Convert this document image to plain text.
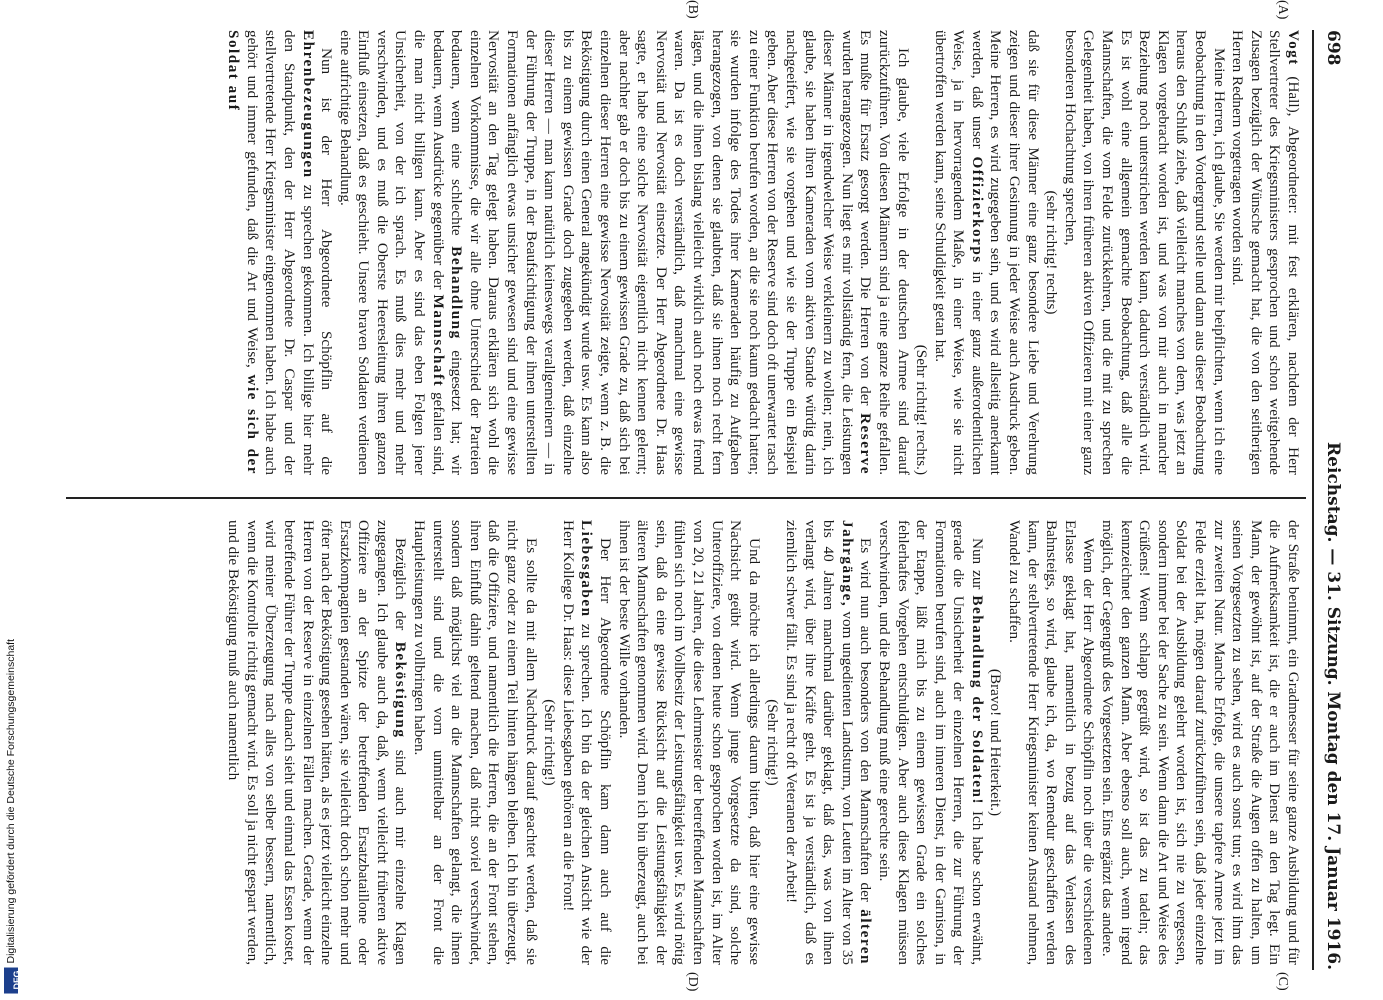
698
Reichstag. — 31. Sitzung. Montag den 17. Januar 1916.
(A)
(B)
(C)
(D)

Vogt (Hall), Abgeordneter: mit fest erklären, nachdem der Herr Stellvertreter des Kriegsministers gesprochen und schon weitgehende Zusagen bezüglich der Wünsche gemacht hat, die von den seitherigen Herren Rednern vorgetragen worden sind.

Meine Herren, ich glaube, Sie werden mir beipflichten, wenn ich eine Beobachtung in den Vordergrund stelle und dann aus dieser Beobachtung heraus den Schluß ziehe, daß vielleicht manches von dem, was jetzt an Klagen vorgebracht worden ist, und was von mir auch in mancher Beziehung noch unterstrichen werden kann, dadurch verständlich wird. Es ist wohl eine allgemein gemachte Beobachtung, daß alle die Mannschaften, die vom Felde zurückkehren, und die mit zu sprechen Gelegenheit haben, von ihren früheren aktiven Offizieren mit einer ganz besonderen Hochachtung sprechen,

(sehr richtig! rechts)

daß sie für diese Männer eine ganz besondere Liebe und Verehrung zeigen und dieser ihrer Gesinnung in jeder Weise auch Ausdruck geben. Meine Herren, es wird zugegeben sein, und es wird allseitig anerkannt werden, daß unser Offizierkorps in einer ganz außerordentlichen Weise, ja in hervorragendem Maße, in einer Weise, wie sie nicht übertroffen werden kann, seine Schuldigkeit getan hat.

(Sehr richtig! rechts.)

Ich glaube, viele Erfolge in der deutschen Armee sind darauf zurückzuführen. Von diesen Männern sind ja eine ganze Reihe gefallen. Es mußte für Ersatz gesorgt werden. Die Herren von der Reserve wurden herangezogen. Nun liegt es mir vollständig fern, die Leistungen dieser Männer in irgendwelcher Weise verkleinern zu wollen; nein, ich glaube, sie haben ihren Kameraden vom aktiven Stande würdig darin nachgeeifert, wie sie vorgehen und wie sie der Truppe ein Beispiel geben. Aber diese Herren von der Reserve sind doch oft unerwartet rasch zu einer Funktion berufen worden, an die sie noch kaum gedacht hatten; sie wurden infolge des Todes ihrer Kameraden häufig zu Aufgaben herangezogen, von denen sie glaubten, daß sie ihnen noch recht fern lägen, und die ihnen bislang vielleicht wirklich auch noch etwas fremd waren. Da ist es doch verständlich, daß manchmal eine gewisse Nervosität und Nervosität einsetzte. Der Herr Abgeordnete Dr. Haas sagte, er habe eine solche Nervosität eigentlich nicht kennen gelernt; aber nachher gab er doch bis zu einem gewissen Grade zu, daß sich bei einzelnen dieser Herren eine gewisse Nervosität zeigte, wenn z. B. die Beköstigung durch einen General angekündigt wurde usw. Es kann also bis zu einem gewissen Grade doch zugegeben werden, daß einzelne dieser Herren — man kann natürlich keineswegs verallgemeinern — in der Führung der Truppe, in der Beaufsichtigung der ihnen unterstellten Formationen anfänglich etwas unsicher gewesen sind und eine gewisse Nervosität an den Tag gelegt haben. Daraus erklären sich wohl die einzelnen Vorkommnisse, die wir alle ohne Unterschied der Parteien bedauern, wenn eine schlechte Behandlung eingesetzt hat; wir bedauern, wenn Ausdrücke gegenüber der Mannschaft gefallen sind, die man nicht billigen kann. Aber es sind das eben Folgen jener Unsicherheit, von der ich sprach. Es muß dies mehr und mehr verschwinden, und es muß die Oberste Heeresleitung ihren ganzen Einfluß einsetzen, daß es geschieht. Unsere braven Soldaten verdienen eine aufrichtige Behandlung.

Nun ist der Herr Abgeordnete Schöpflin auf die Ehrenbezeugungen zu sprechen gekommen. Ich billige hier mehr den Standpunkt, den der Herr Abgeordnete Dr. Caspar und der stellvertretende Herr Kriegsminister eingenommen haben. Ich habe auch gehört und immer gefunden, daß die Art und Weise, wie sich der Soldat auf

der Straße benimmt, ein Gradmesser für seine ganze Ausbildung und für die Aufmerksamkeit ist, die er auch im Dienst an den Tag legt. Ein Mann, der gewöhnt ist, auf der Straße die Augen offen zu halten, um seinen Vorgesetzten zu sehen, wird es auch sonst tun; es wird ihm das zur zweiten Natur. Manche Erfolge, die unsere tapfere Armee jetzt im Felde erzielt hat, mögen darauf zurückzuführen sein, daß jeder einzelne Soldat bei der Ausbildung gelehrt worden ist, sich nie zu vergessen, sondern immer bei der Sache zu sein. Wenn dann die Art und Weise des Grüßens! Wenn schlapp gegrüßt wird, so ist das zu tadeln; das kennzeichnet den ganzen Mann. Aber ebenso soll auch, wenn irgend möglich, der Gegengruß des Vorgesetzten sein. Eins ergänzt das andere.

Wenn der Herr Abgeordnete Schöpflin noch über die verschiedenen Erlasse geklagt hat, namentlich in bezug auf das Verlassen des Bahnsteigs, so wird, glaube ich, da, wo Remedur geschaffen werden kann, der stellvertretende Herr Kriegsminister keinen Anstand nehmen, Wandel zu schaffen.

(Bravo! und Heiterkeit.)

Nun zur Behandlung der Soldaten! Ich habe schon erwähnt, gerade die Unsicherheit der einzelnen Herren, die zur Führung der Formationen berufen sind, auch im inneren Dienst, in der Garnison, in der Etappe, läßt mich bis zu einem gewissen Grade ein solches fehlerhaftes Vorgehen entschuldigen. Aber auch diese Klagen müssen verschwinden, und die Behandlung muß eine gerechte sein.

Es wird nun auch besonders von den Mannschaften der älteren Jahrgänge, vom ungedienten Landsturm, von Leuten im Alter von 35 bis 40 Jahren manchmal darüber geklagt, daß das, was von ihnen verlangt wird, über ihre Kräfte geht. Es ist ja verständlich, daß es ziemlich schwer fällt. Es sind ja recht oft Veteranen der Arbeit!

(Sehr richtig!)

Und da möchte ich allerdings darum bitten, daß hier eine gewisse Nachsicht geübt wird. Wenn junge Vorgesetzte da sind, solche Unteroffiziere, von denen heute schon gesprochen worden ist, im Alter von 20, 21 Jahren, die diese Lehrmeister der betreffenden Mannschaften fühlen sich noch im Vollbesitz der Leistungsfähigkeit usw. Es wird nötig sein, daß da eine gewisse Rücksicht auf die Leistungsfähigkeit der älteren Mannschaften genommen wird. Denn ich bin überzeugt, auch bei ihnen ist der beste Wille vorhanden.

Der Herr Abgeordnete Schöpflin kam dann auch auf die Liebesgaben zu sprechen. Ich bin da der gleichen Ansicht wie der Herr Kollege Dr. Haas: diese Liebesgaben gehören an die Front!

(Sehr richtig!)

Es sollte da mit allem Nachdruck darauf geachtet werden, daß sie nicht ganz oder zu einem Teil hinten hängen bleiben. Ich bin überzeugt, daß die Offiziere, und namentlich die Herren, die an der Front stehen, ihren Einfluß dahin geltend machen, daß nicht soviel verschwindet, sondern daß möglichst viel an die Mannschaften gelangt, die ihnen unterstellt sind und die vorn unmittelbar an der Front die Hauptleistungen zu vollbringen haben.

Bezüglich der Beköstigung sind auch mir einzelne Klagen zugegangen. Ich glaube auch da, daß, wenn vielleicht früheren aktive Offiziere an der Spitze der betreffenden Ersatzbataillone oder Ersatzkompagnien gestanden wären, sie vielleicht doch schon mehr und öfter nach der Beköstigung gesehen hätten, als es jetzt vielleicht einzelne Herren von der Reserve in einzelnen Fällen machen. Gerade, wenn der betreffende Führer der Truppe danach sieht und einmal das Essen kostet, wird meiner Überzeugung nach alles von selber bessern, namentlich, wenn die Kontrolle richtig gemacht wird. Es soll ja nicht gespart werden, und die Beköstigung muß auch namentlich

DFG
Digitalisierung gefördert durch die Deutsche Forschungsgemeinschaft
